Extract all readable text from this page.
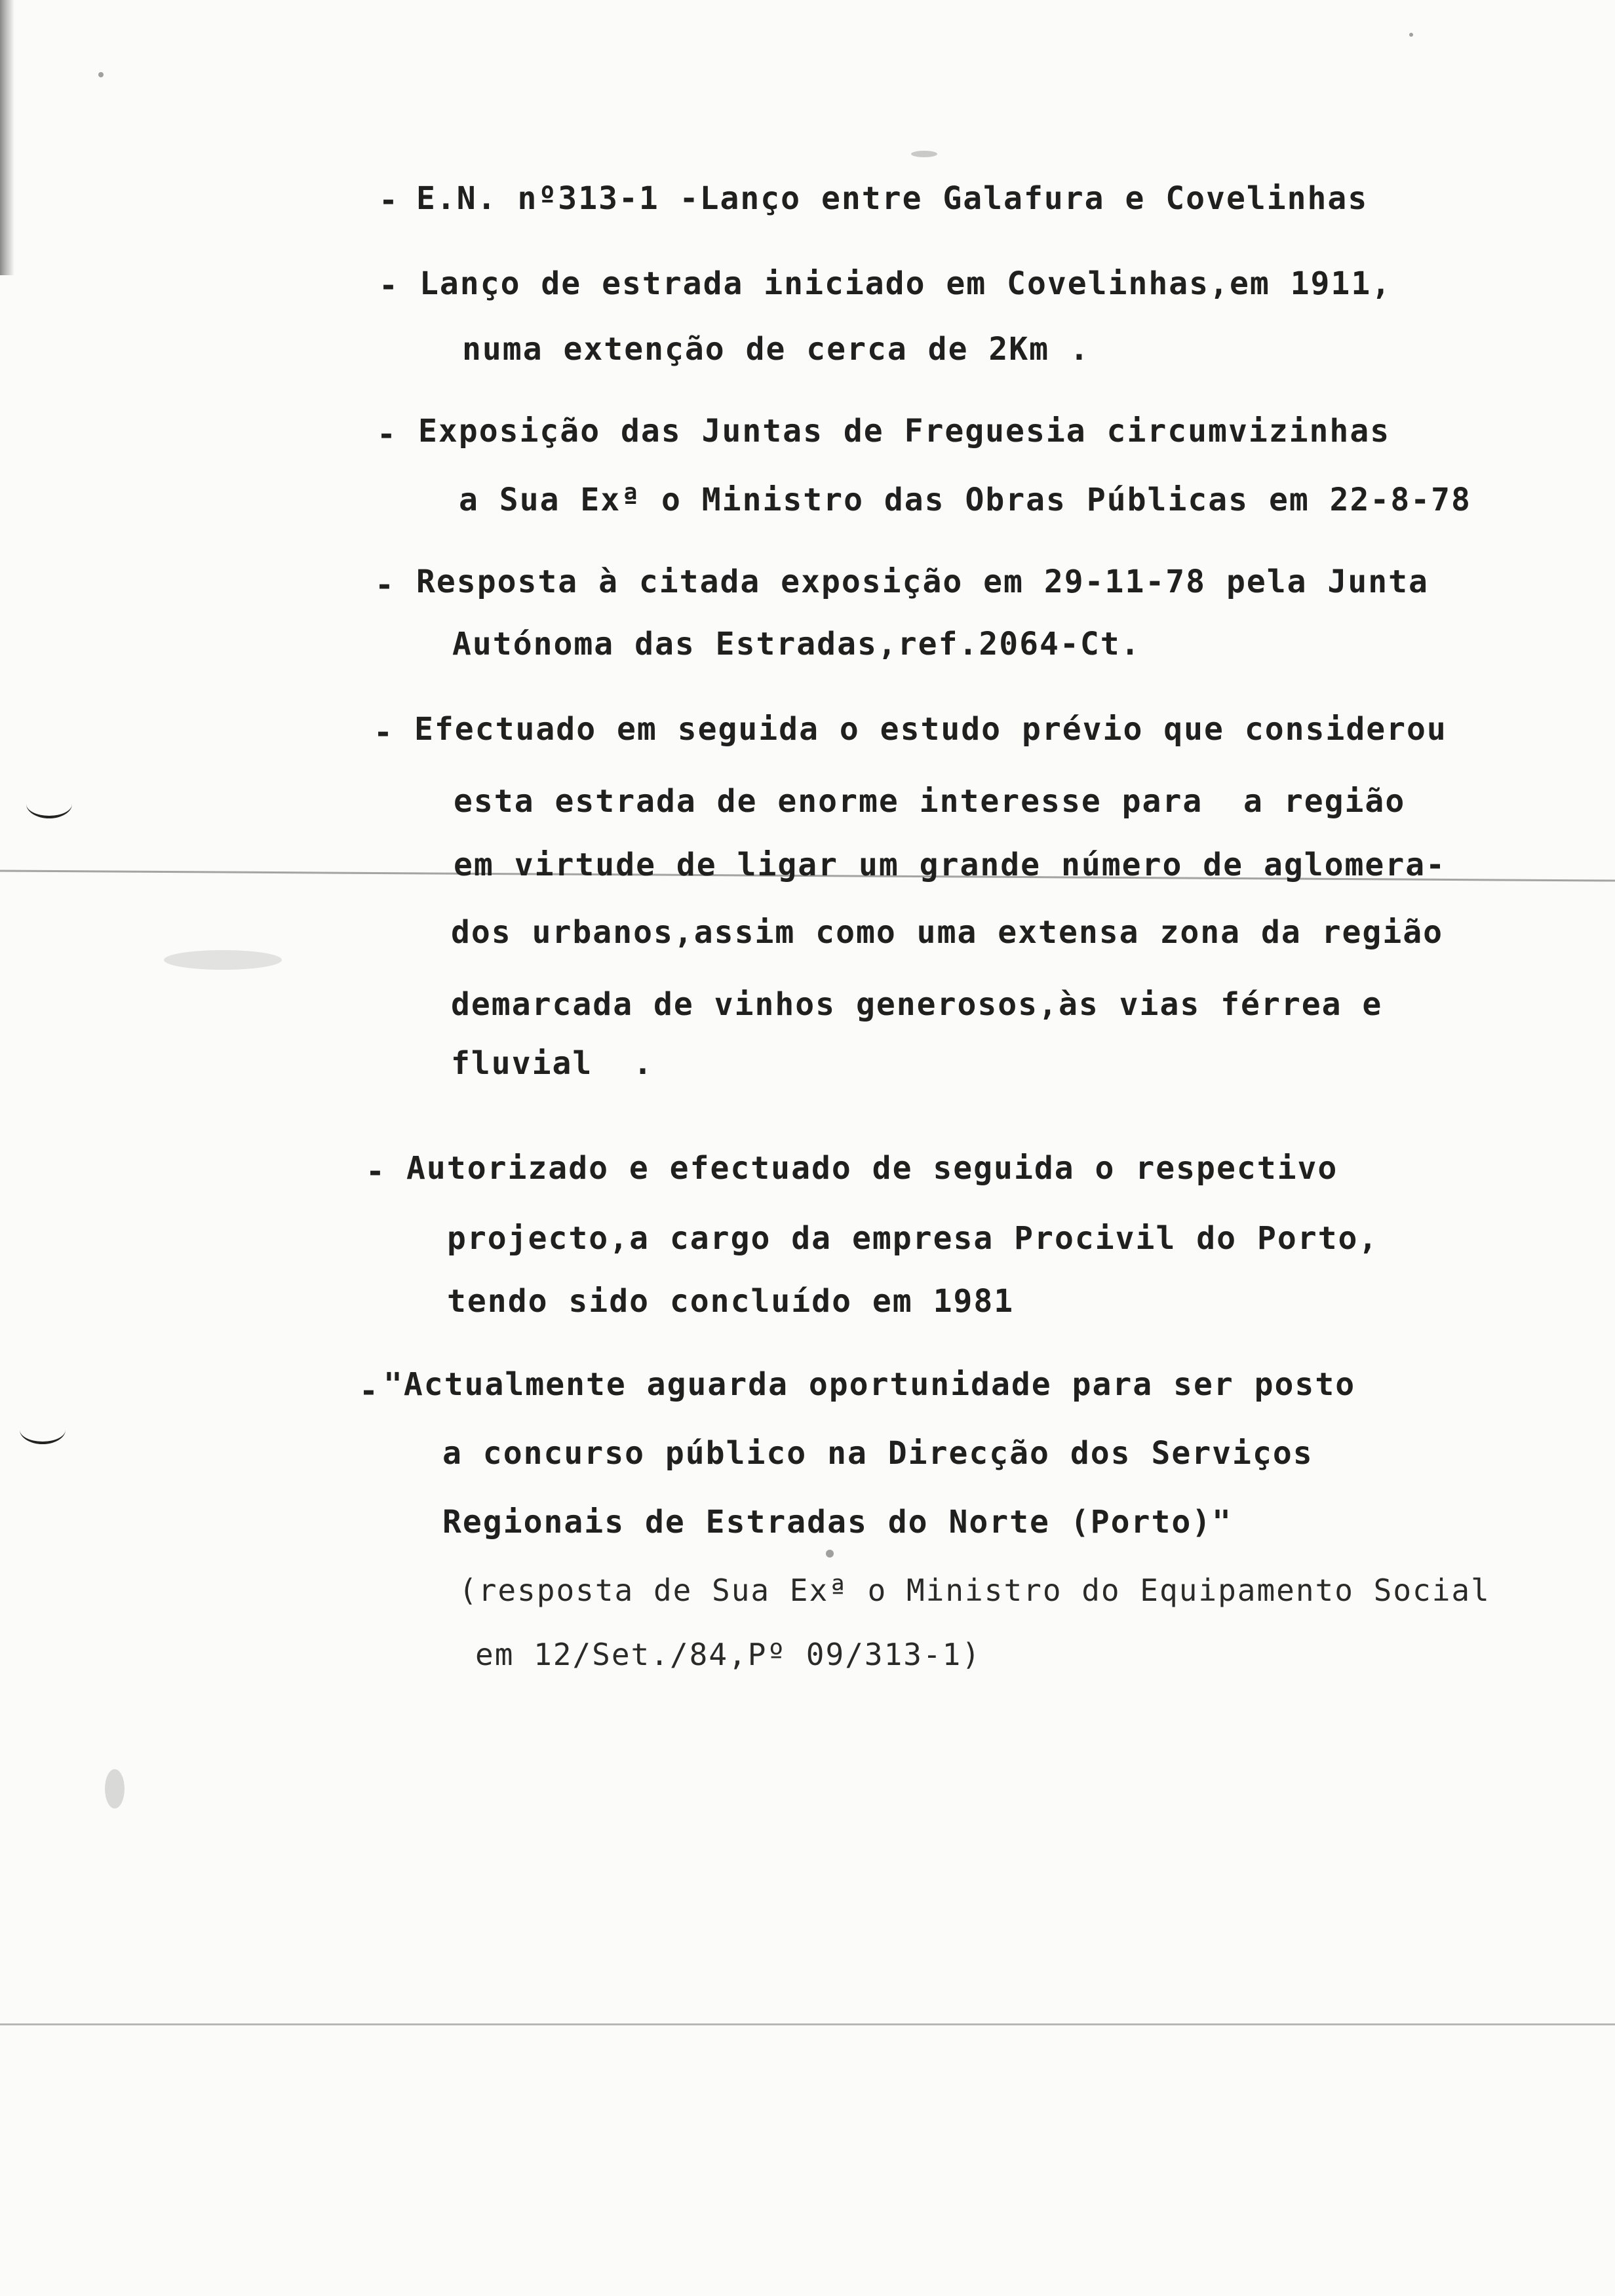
- E.N. nº313-1 -Lanço entre Galafura e Covelinhas
- Lanço de estrada iniciado em Covelinhas,em 1911,
numa extenção de cerca de 2Km .
- Exposição das Juntas de Freguesia circumvizinhas
a Sua Exª o Ministro das Obras Públicas em 22-8-78
- Resposta à citada exposição em 29-11-78 pela Junta
Autónoma das Estradas,ref.2064-Ct.
- Efectuado em seguida o estudo prévio que considerou
esta estrada de enorme interesse para  a região
em virtude de ligar um grande número de aglomera-
dos urbanos,assim como uma extensa zona da região
demarcada de vinhos generosos,às vias férrea e
fluvial  .
- Autorizado e efectuado de seguida o respectivo
projecto,a cargo da empresa Procivil do Porto,
tendo sido concluído em 1981
- "Actualmente aguarda oportunidade para ser posto
a concurso público na Direcção dos Serviços
Regionais de Estradas do Norte (Porto)"
(resposta de Sua Exª o Ministro do Equipamento Social
em 12/Set./84,Pº 09/313-1)
